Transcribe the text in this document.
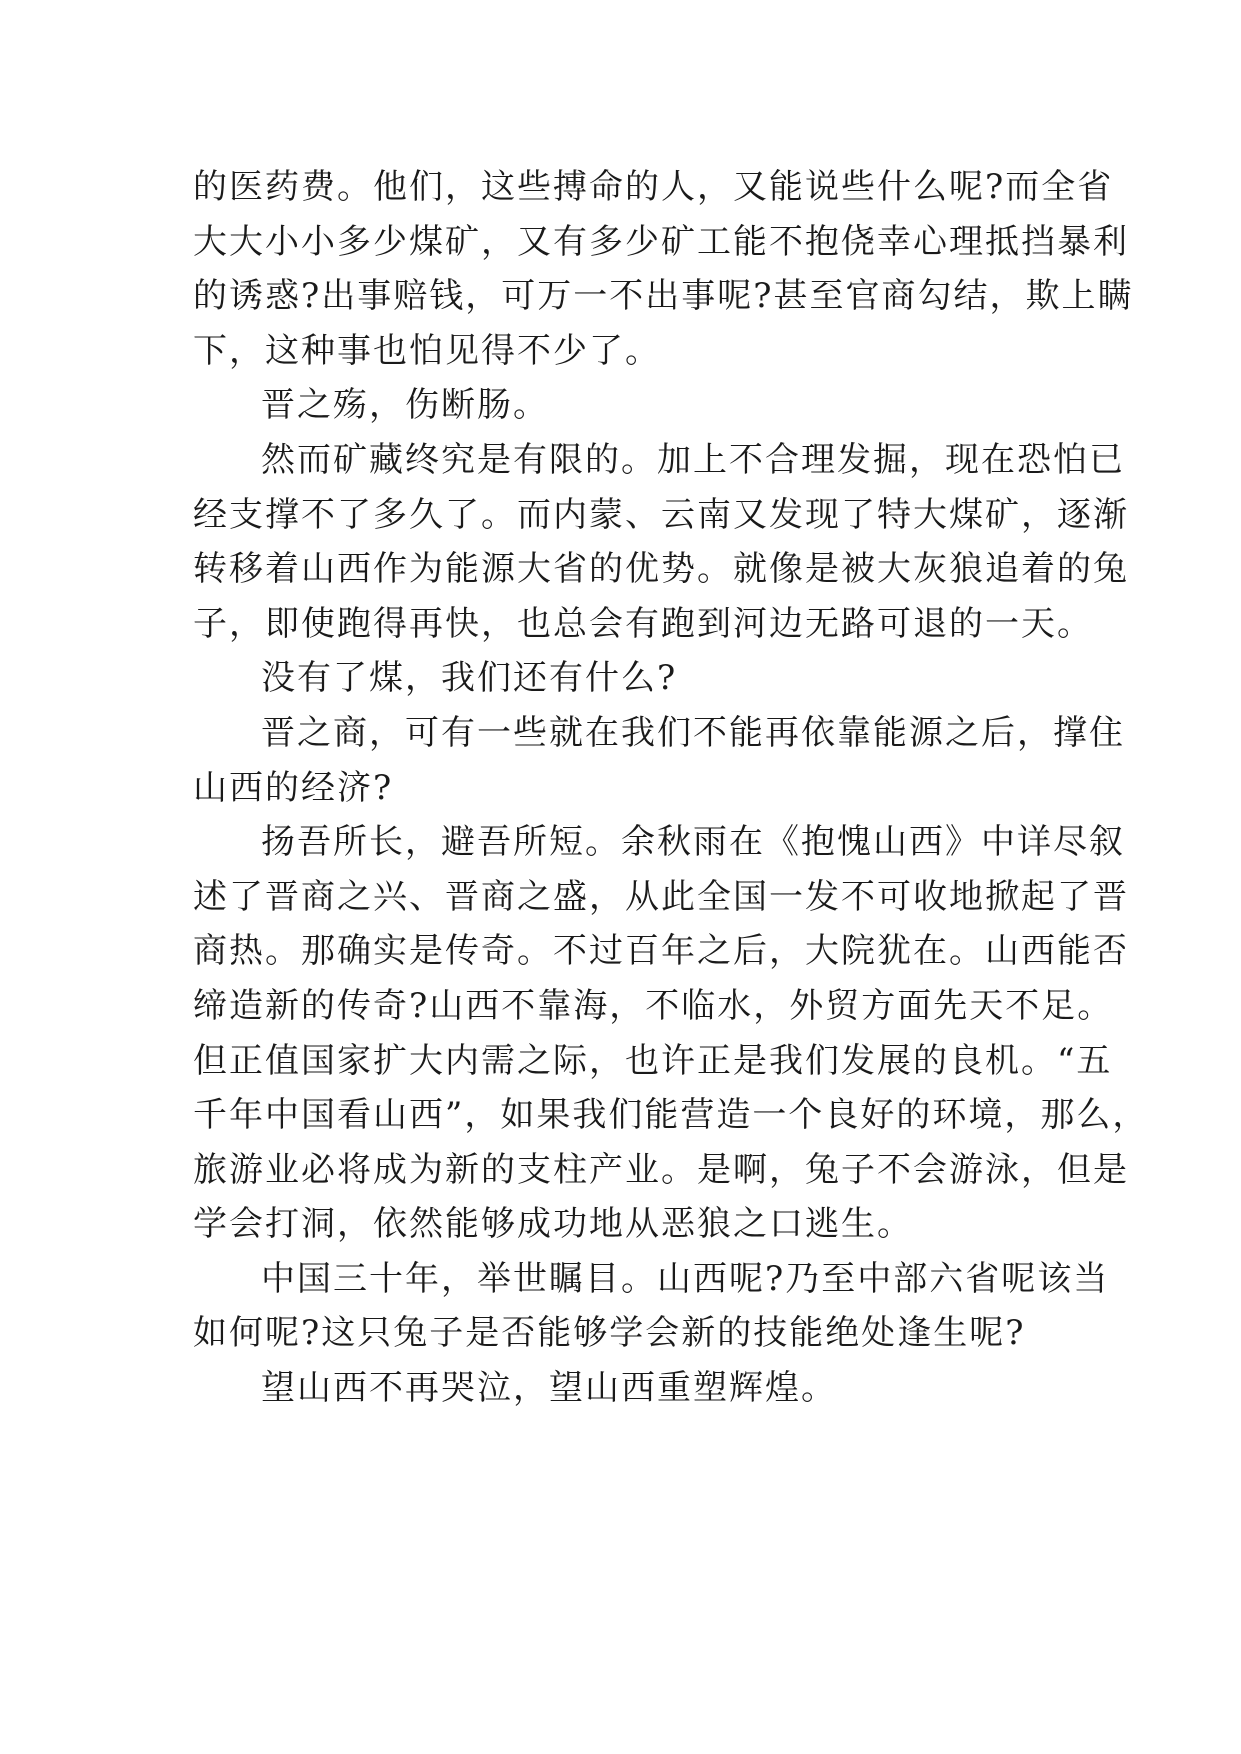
的医药费。他们，这些搏命的人，又能说些什么呢?而全省
大大小小多少煤矿，又有多少矿工能不抱侥幸心理抵挡暴利
的诱惑?出事赔钱，可万一不出事呢?甚至官商勾结，欺上瞒
下，这种事也怕见得不少了。
晋之殇，伤断肠。
然而矿藏终究是有限的。加上不合理发掘，现在恐怕已
经支撑不了多久了。而内蒙、云南又发现了特大煤矿，逐渐
转移着山西作为能源大省的优势。就像是被大灰狼追着的兔
子，即使跑得再快，也总会有跑到河边无路可退的一天。
没有了煤，我们还有什么?
晋之商，可有一些就在我们不能再依靠能源之后，撑住
山西的经济?
扬吾所长，避吾所短。余秋雨在《抱愧山西》中详尽叙
述了晋商之兴、晋商之盛，从此全国一发不可收地掀起了晋
商热。那确实是传奇。不过百年之后，大院犹在。山西能否
缔造新的传奇?山西不靠海，不临水，外贸方面先天不足。
但正值国家扩大内需之际，也许正是我们发展的良机。“五
千年中国看山西”，如果我们能营造一个良好的环境，那么，
旅游业必将成为新的支柱产业。是啊，兔子不会游泳，但是
学会打洞，依然能够成功地从恶狼之口逃生。
中国三十年，举世瞩目。山西呢?乃至中部六省呢该当
如何呢?这只兔子是否能够学会新的技能绝处逢生呢?
望山西不再哭泣，望山西重塑辉煌。
